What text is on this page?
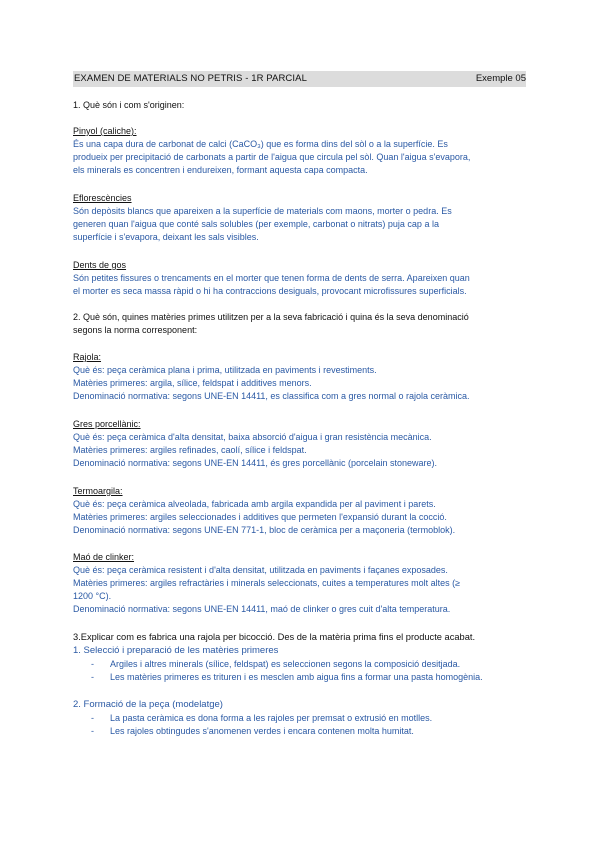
EXAMEN DE MATERIALS NO PETRIS - 1R PARCIAL	Exemple 05
1. Què són i com s'originen:
Pinyol (caliche):
És una capa dura de carbonat de calci (CaCO₃) que es forma dins del sòl o a la superfície. Es
produeix per precipitació de carbonats a partir de l'aigua que circula pel sòl. Quan l'aigua s'evapora,
els minerals es concentren i endureixen, formant aquesta capa compacta.
Eflorescències
Són depòsits blancs que apareixen a la superfície de materials com maons, morter o pedra. Es
generen quan l'aigua que conté sals solubles (per exemple, carbonat o nitrats) puja cap a la
superfície i s'evapora, deixant les sals visibles.
Dents de gos
Són petites fissures o trencaments en el morter que tenen forma de dents de serra. Apareixen quan
el morter es seca massa ràpid o hi ha contraccions desiguals, provocant microfissures superficials.
2. Què són, quines matèries primes utilitzen per a la seva fabricació i quina és la seva denominació
segons la norma corresponent:
Rajola:
Què és: peça ceràmica plana i prima, utilitzada en paviments i revestiments.
Matèries primeres: argila, sílice, feldspat i additives menors.
Denominació normativa: segons UNE-EN 14411, es classifica com a gres normal o rajola ceràmica.
Gres porcellànic:
Què és: peça ceràmica d'alta densitat, baixa absorció d'aigua i gran resistència mecànica.
Matèries primeres: argiles refinades, caolí, sílice i feldspat.
Denominació normativa: segons UNE-EN 14411, és gres porcellànic (porcelain stoneware).
Termoargila:
Què és: peça ceràmica alveolada, fabricada amb argila expandida per al paviment i parets.
Matèries primeres: argiles seleccionades i additives que permeten l'expansió durant la cocció.
Denominació normativa: segons UNE-EN 771-1, bloc de ceràmica per a maçoneria (termoblok).
Maó de clinker:
Què és: peça ceràmica resistent i d'alta densitat, utilitzada en paviments i façanes exposades.
Matèries primeres: argiles refractàries i minerals seleccionats, cuites a temperatures molt altes (≥
1200 °C).
Denominació normativa: segons UNE-EN 14411, maó de clinker o gres cuit d'alta temperatura.
3.Explicar com es fabrica una rajola per bicocció. Des de la matèria prima fins el producte acabat.
1. Selecció i preparació de les matèries primeres
-	Argiles i altres minerals (sílice, feldspat) es seleccionen segons la composició desitjada.
-	Les matèries primeres es trituren i es mesclen amb aigua fins a formar una pasta homogènia.
2. Formació de la peça (modelatge)
-	La pasta ceràmica es dona forma a les rajoles per premsat o extrusió en motlles.
-	Les rajoles obtingudes s'anomenen verdes i encara contenen molta humitat.
